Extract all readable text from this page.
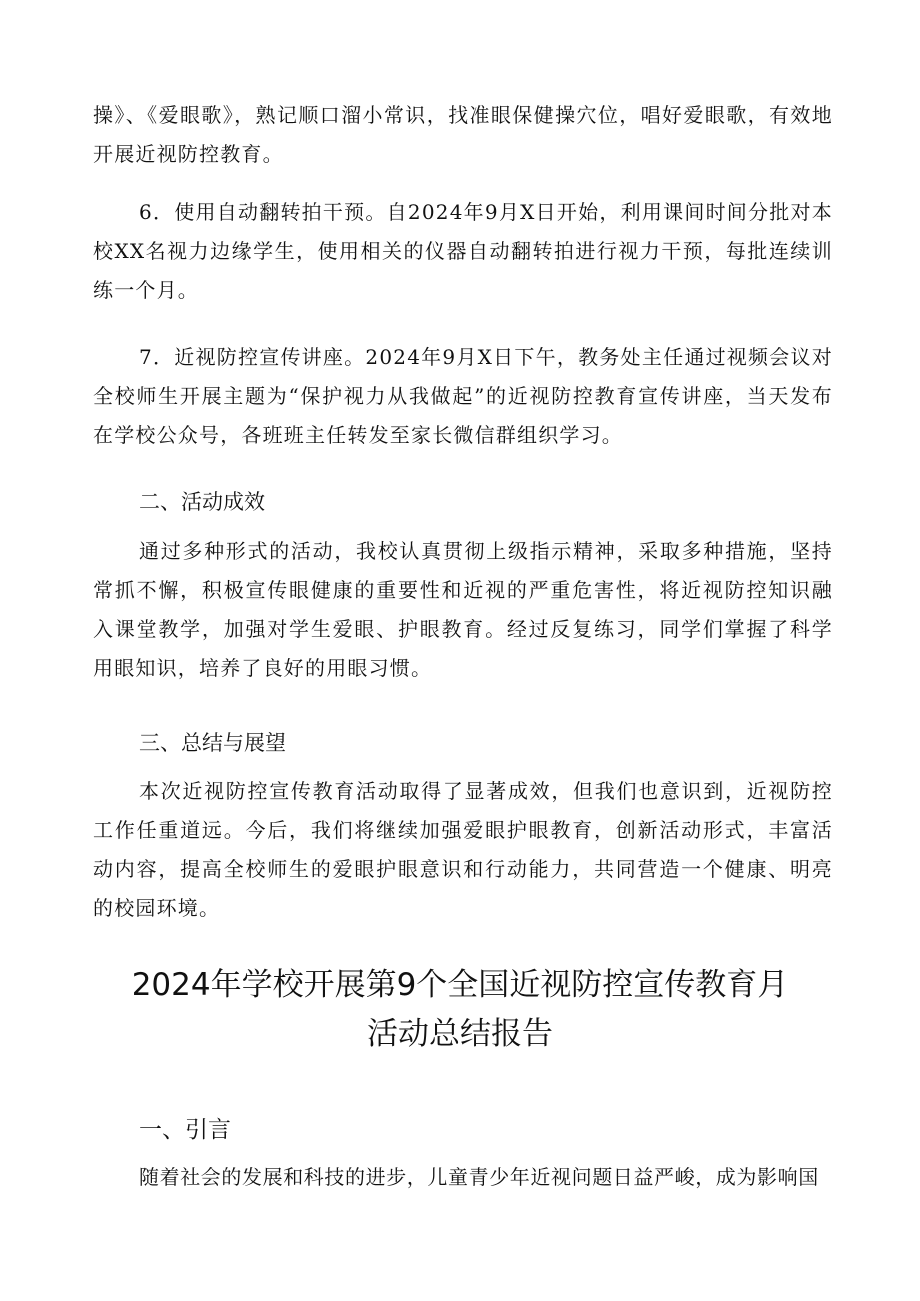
操》、《爱眼歌》，熟记顺口溜小常识，找准眼保健操穴位，唱好爱眼歌，有效地开展近视防控教育。

6．使用自动翻转拍干预。自2024年9月X日开始，利用课间时间分批对本校XX名视力边缘学生，使用相关的仪器自动翻转拍进行视力干预，每批连续训练一个月。

7．近视防控宣传讲座。2024年9月X日下午，教务处主任通过视频会议对全校师生开展主题为“保护视力从我做起”的近视防控教育宣传讲座，当天发布在学校公众号，各班班主任转发至家长微信群组织学习。

二、活动成效

通过多种形式的活动，我校认真贯彻上级指示精神，采取多种措施，坚持常抓不懈，积极宣传眼健康的重要性和近视的严重危害性，将近视防控知识融入课堂教学，加强对学生爱眼、护眼教育。经过反复练习，同学们掌握了科学用眼知识，培养了良好的用眼习惯。

三、总结与展望

本次近视防控宣传教育活动取得了显著成效，但我们也意识到，近视防控工作任重道远。今后，我们将继续加强爱眼护眼教育，创新活动形式，丰富活动内容，提高全校师生的爱眼护眼意识和行动能力，共同营造一个健康、明亮的校园环境。

2024年学校开展第9个全国近视防控宣传教育月
活动总结报告
一、引言

随着社会的发展和科技的进步，儿童青少年近视问题日益严峻，成为影响国
